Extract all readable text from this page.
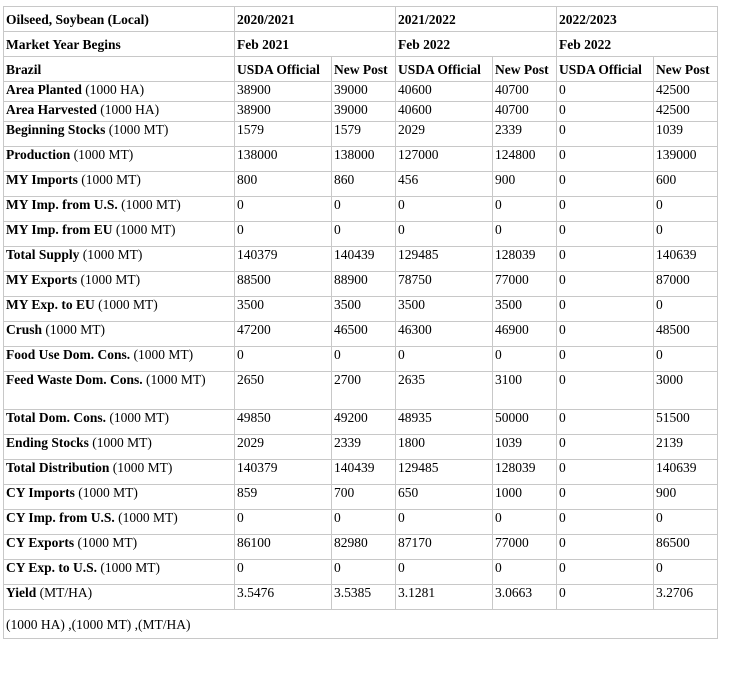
Oilseed, Soybean (Local)	2020/2021		2021/2022		2022/2023	
Market Year Begins	Feb 2021		Feb 2022		Feb 2022	
Brazil	USDA Official	New Post	USDA Official	New Post	USDA Official	New Post
Area Planted (1000 HA)	38900	39000	40600	40700	0	42500
Area Harvested (1000 HA)	38900	39000	40600	40700	0	42500
Beginning Stocks (1000 MT)	1579	1579	2029	2339	0	1039
Production (1000 MT)	138000	138000	127000	124800	0	139000
MY Imports (1000 MT)	800	860	456	900	0	600
MY Imp. from U.S. (1000 MT)	0	0	0	0	0	0
MY Imp. from EU (1000 MT)	0	0	0	0	0	0
Total Supply (1000 MT)	140379	140439	129485	128039	0	140639
MY Exports (1000 MT)	88500	88900	78750	77000	0	87000
MY Exp. to EU (1000 MT)	3500	3500	3500	3500	0	0
Crush (1000 MT)	47200	46500	46300	46900	0	48500
Food Use Dom. Cons. (1000 MT)	0	0	0	0	0	0
Feed Waste Dom. Cons. (1000 MT)	2650	2700	2635	3100	0	3000
Total Dom. Cons. (1000 MT)	49850	49200	48935	50000	0	51500
Ending Stocks (1000 MT)	2029	2339	1800	1039	0	2139
Total Distribution (1000 MT)	140379	140439	129485	128039	0	140639
CY Imports (1000 MT)	859	700	650	1000	0	900
CY Imp. from U.S. (1000 MT)	0	0	0	0	0	0
CY Exports (1000 MT)	86100	82980	87170	77000	0	86500
CY Exp. to U.S. (1000 MT)	0	0	0	0	0	0
Yield (MT/HA)	3.5476	3.5385	3.1281	3.0663	0	3.2706
(1000 HA) ,(1000 MT) ,(MT/HA)						
